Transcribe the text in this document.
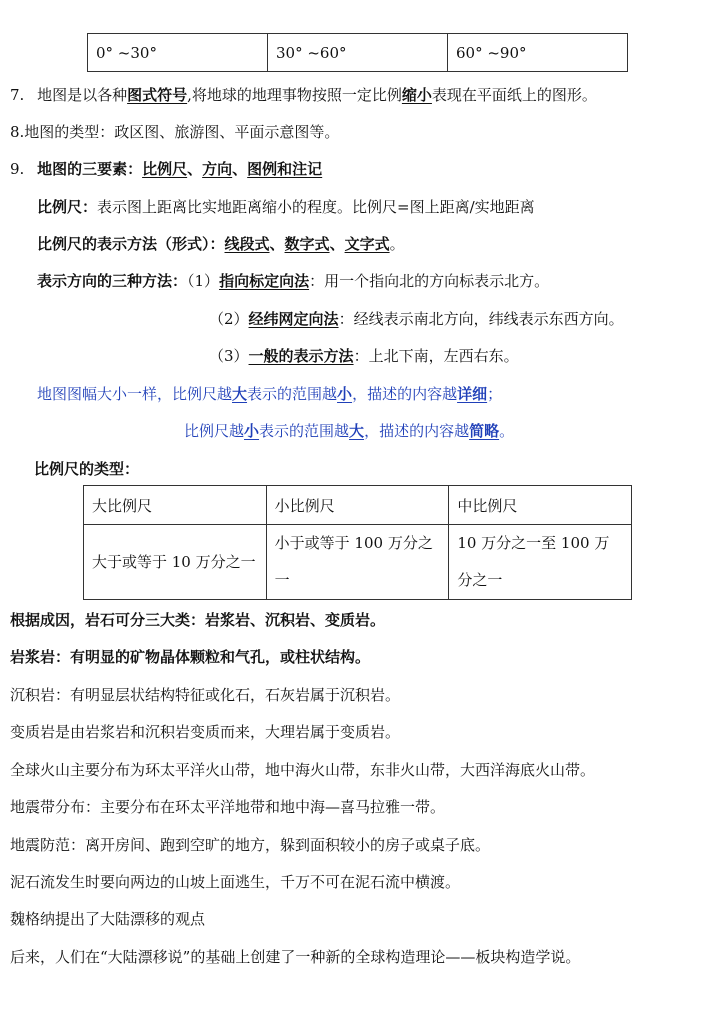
0° ~30°	30° ~60°	60° ~90°
7. 地图是以各种图式符号,将地球的地理事物按照一定比例缩小表现在平面纸上的图形。
8.地图的类型：政区图、旅游图、平面示意图等。
9. 地图的三要素：比例尺、方向、图例和注记
比例尺：表示图上距离比实地距离缩小的程度。比例尺=图上距离/实地距离
比例尺的表示方法（形式）：线段式、数字式、文字式。
表示方向的三种方法：（1）指向标定向法：用一个指向北的方向标表示北方。
（2）经纬网定向法：经线表示南北方向，纬线表示东西方向。
（3）一般的表示方法：上北下南，左西右东。
地图图幅大小一样，比例尺越大表示的范围越小，描述的内容越详细；
比例尺越小表示的范围越大，描述的内容越简略。
比例尺的类型：
大比例尺	小比例尺	中比例尺
大于或等于 10 万分之一	小于或等于 100 万分之一	10 万分之一至 100 万分之一
根据成因，岩石可分三大类：岩浆岩、沉积岩、变质岩。
岩浆岩：有明显的矿物晶体颗粒和气孔，或柱状结构。
沉积岩：有明显层状结构特征或化石，石灰岩属于沉积岩。
变质岩是由岩浆岩和沉积岩变质而来，大理岩属于变质岩。
全球火山主要分布为环太平洋火山带，地中海火山带，东非火山带，大西洋海底火山带。
地震带分布：主要分布在环太平洋地带和地中海—喜马拉雅一带。
地震防范：离开房间、跑到空旷的地方，躲到面积较小的房子或桌子底。
泥石流发生时要向两边的山坡上面逃生，千万不可在泥石流中横渡。
魏格纳提出了大陆漂移的观点
后来，人们在“大陆漂移说”的基础上创建了一种新的全球构造理论——板块构造学说。
